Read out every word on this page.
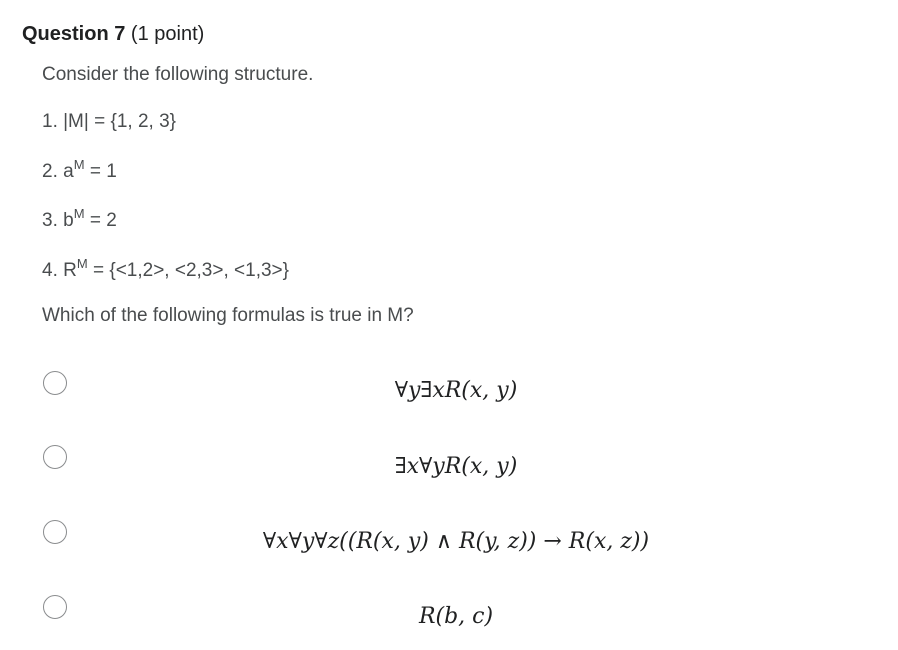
Question 7 (1 point)

Consider the following structure.

1. |M| = {1, 2, 3}

2. $a^M = 1$

3. $b^M = 2$

4. $R^M = \{<1,2>$, <2,3>, <1,3>}

Which of the following formulas is true in M?

∀y∃xR(x, y)
∃x∀yR(x, y)
∀x∀y∀z((R(x, y) ∧ R(y, z)) → R(x, z))
R(b, c)
